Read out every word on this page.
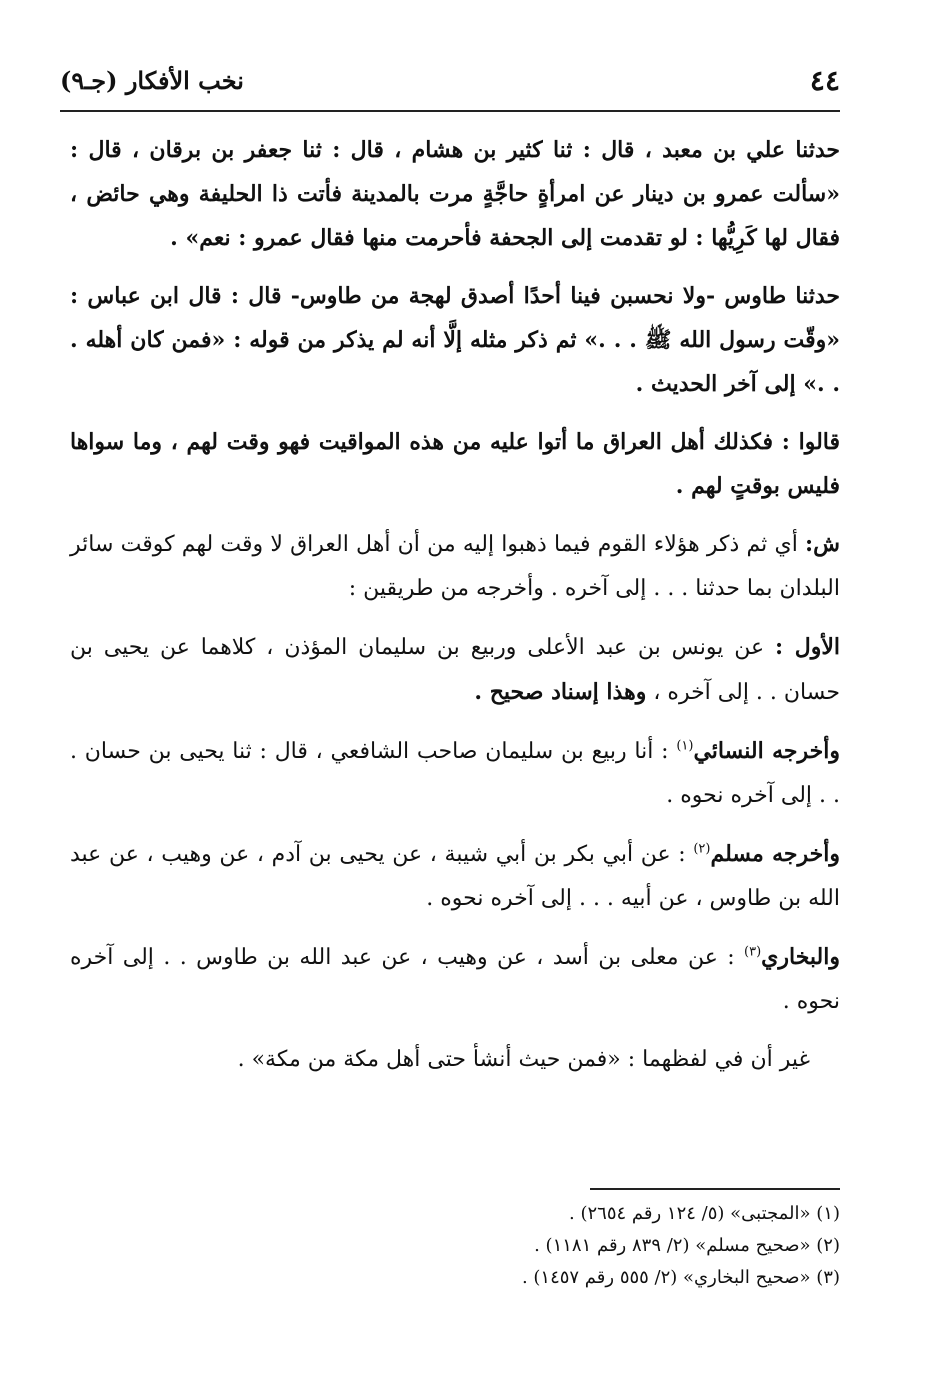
٤٤
نخب الأفكار (جـ٩)

حدثنا علي بن معبد ، قال : ثنا كثير بن هشام ، قال : ثنا جعفر بن برقان ، قال : «سألت عمرو بن دينار عن امرأةٍ حاجَّةٍ مرت بالمدينة فأتت ذا الحليفة وهي حائض ، فقال لها كَرِيُّها : لو تقدمت إلى الجحفة فأحرمت منها فقال عمرو : نعم» .

حدثنا طاوس -ولا نحسبن فينا أحدًا أصدق لهجة من طاوس- قال : قال ابن عباس : «وقّت رسول الله ﷺ . . .» ثم ذكر مثله إلَّا أنه لم يذكر من قوله : «فمن كان أهله . . .» إلى آخر الحديث .

قالوا : فكذلك أهل العراق ما أتوا عليه من هذه المواقيت فهو وقت لهم ، وما سواها فليس بوقتٍ لهم .

ش: أي ثم ذكر هؤلاء القوم فيما ذهبوا إليه من أن أهل العراق لا وقت لهم كوقت سائر البلدان بما حدثنا . . . إلى آخره . وأخرجه من طريقين :

الأول : عن يونس بن عبد الأعلى وربيع بن سليمان المؤذن ، كلاهما عن يحيى بن حسان . . إلى آخره ، وهذا إسناد صحيح .

وأخرجه النسائي$^{(١)}$ : أنا ربيع بن سليمان صاحب الشافعي ، قال : ثنا يحيى بن حسان . . . إلى آخره نحوه .

وأخرجه مسلم$^{(٢)}$ : عن أبي بكر بن أبي شيبة ، عن يحيى بن آدم ، عن وهيب ، عن عبد الله بن طاوس ، عن أبيه . . . إلى آخره نحوه .

والبخاري$^{(٣)}$ : عن معلى بن أسد ، عن وهيب ، عن عبد الله بن طاوس . . إلى آخره نحوه .

غير أن في لفظهما : «فمن حيث أنشأ حتى أهل مكة من مكة» .

(١) «المجتبى» (٥/ ١٢٤ رقم ٢٦٥٤) .

(٢) «صحيح مسلم» (٢/ ٨٣٩ رقم ١١٨١) .

(٣) «صحيح البخاري» (٢/ ٥٥٥ رقم ١٤٥٧) .
